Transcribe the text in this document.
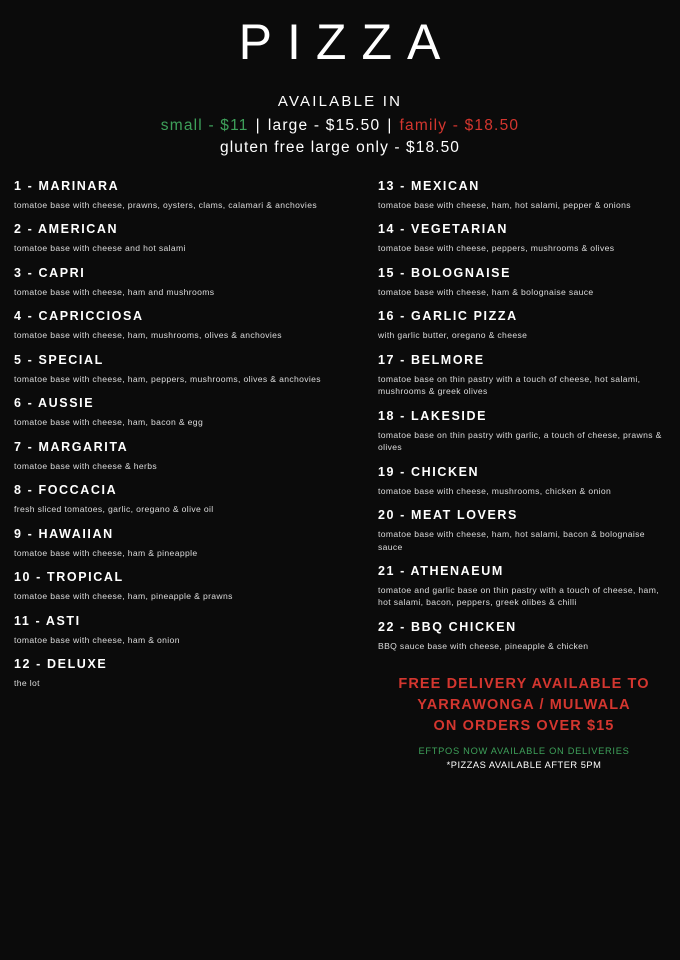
PIZZA
AVAILABLE IN
small - $11 | large - $15.50 | family - $18.50
gluten free large only - $18.50
1 - MARINARA
tomatoe base with cheese, prawns, oysters, clams, calamari & anchovies
2 - AMERICAN
tomatoe base with cheese and hot salami
3 - CAPRI
tomatoe base with cheese, ham and mushrooms
4 - CAPRICCIOSA
tomatoe base with cheese, ham, mushrooms, olives & anchovies
5 - SPECIAL
tomatoe base with cheese, ham, peppers, mushrooms, olives & anchovies
6 - AUSSIE
tomatoe base with cheese, ham, bacon & egg
7 - MARGARITA
tomatoe base with cheese & herbs
8 - FOCCACIA
fresh sliced tomatoes, garlic, oregano & olive oil
9 - HAWAIIAN
tomatoe base with cheese, ham & pineapple
10 - TROPICAL
tomatoe base with cheese, ham, pineapple & prawns
11 - ASTI
tomatoe base with cheese, ham & onion
12 - DELUXE
the lot
13 - MEXICAN
tomatoe base with cheese, ham, hot salami, pepper & onions
14 - VEGETARIAN
tomatoe base with cheese, peppers, mushrooms & olives
15 - BOLOGNAISE
tomatoe base with cheese, ham & bolognaise sauce
16 - GARLIC PIZZA
with garlic butter, oregano & cheese
17 - BELMORE
tomatoe base on thin pastry with a touch of cheese, hot salami, mushrooms & greek olives
18 - LAKESIDE
tomatoe base on thin pastry with garlic, a touch of cheese, prawns & olives
19 - CHICKEN
tomatoe base with cheese, mushrooms, chicken & onion
20 - MEAT LOVERS
tomatoe base with cheese, ham, hot salami, bacon & bolognaise sauce
21 - ATHENAEUM
tomatoe and garlic base on thin pastry with a touch of cheese, ham, hot salami, bacon, peppers, greek olibes & chilli
22 - BBQ CHICKEN
BBQ sauce base with cheese, pineapple & chicken
FREE DELIVERY AVAILABLE TO
YARRAWONGA / MULWALA
ON ORDERS OVER $15
EFTPOS NOW AVAILABLE ON DELIVERIES
*PIZZAS AVAILABLE AFTER 5PM
